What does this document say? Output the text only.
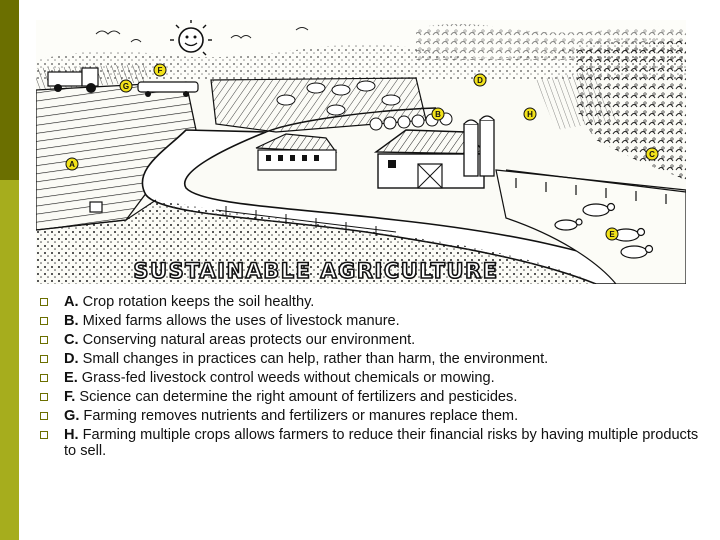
A
B
C
D
E
F
G
H
SUSTAINABLE AGRICULTURE
A. Crop rotation keeps the soil healthy.
B. Mixed farms allows the uses of livestock manure.
C. Conserving natural areas protects our environment.
D. Small changes in practices can help, rather than harm, the environment.
E. Grass-fed livestock control weeds without chemicals or mowing.
F. Science can determine the right amount of fertilizers and pesticides.
G. Farming removes nutrients and fertilizers or manures replace them.
H. Farming multiple crops allows farmers to reduce their financial risks by having multiple products to sell.
